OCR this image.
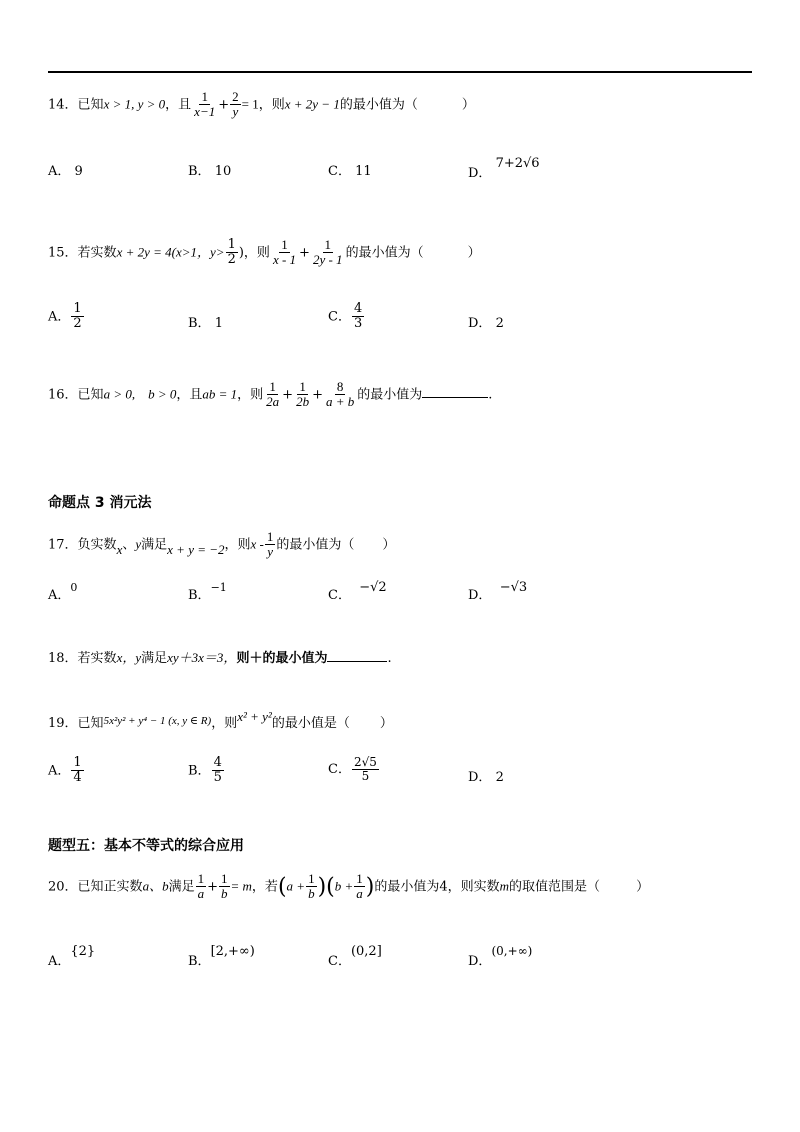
14．已知x > 1, y > 0，且 $\frac{1}{x-1} + \frac{2}{y} = 1$，则x + 2y − 1的最小值为（	）
A． 9	B． 10	C． 11	D． 7+2√6
15．若实数x + 2y = 4(x>1，$y> \frac{1}{2}$ )，则 $\frac{1}{x - 1} + \frac{1}{2y - 1}$ 的最小值为（	）
A． $\frac{1}{2}$	B． 1	C． $\frac{4}{3}$	D． 2
16．已知a > 0,　b > 0，且ab = 1，则 $\frac{1}{2a} + \frac{1}{2b} + \frac{8}{a + b}$ 的最小值为	.
命题点 3 消元法
17．负实数x、y满足x + y = −2，则x - $\frac{1}{y}$ 的最小值为（ ）
A．0
B．−1
C．  −√2
D．  −√3
18．若实数x，y满足xy＋3x＝3，则＋的最小值为	.
19．已知$^{5x^2y^2 + y^4 - 1 (x, y \in R)}$，则x² + y²的最小值是（ ）
A． $\frac{1}{4}$	B． $\frac{4}{5}$	C． $\frac{2√5}{5}$	D． 2
题型五：基本不等式的综合应用
20．已知正实数a、b满足 $\frac{1}{a} + \frac{1}{b} = m$，若$(a + \frac{1}{b} )(b + \frac{1}{a}$ )的最小值为4，则实数m的取值范围是（	）
A．{2}
B．[2,+∞)
C．(0,2]
D．(0,+∞)
